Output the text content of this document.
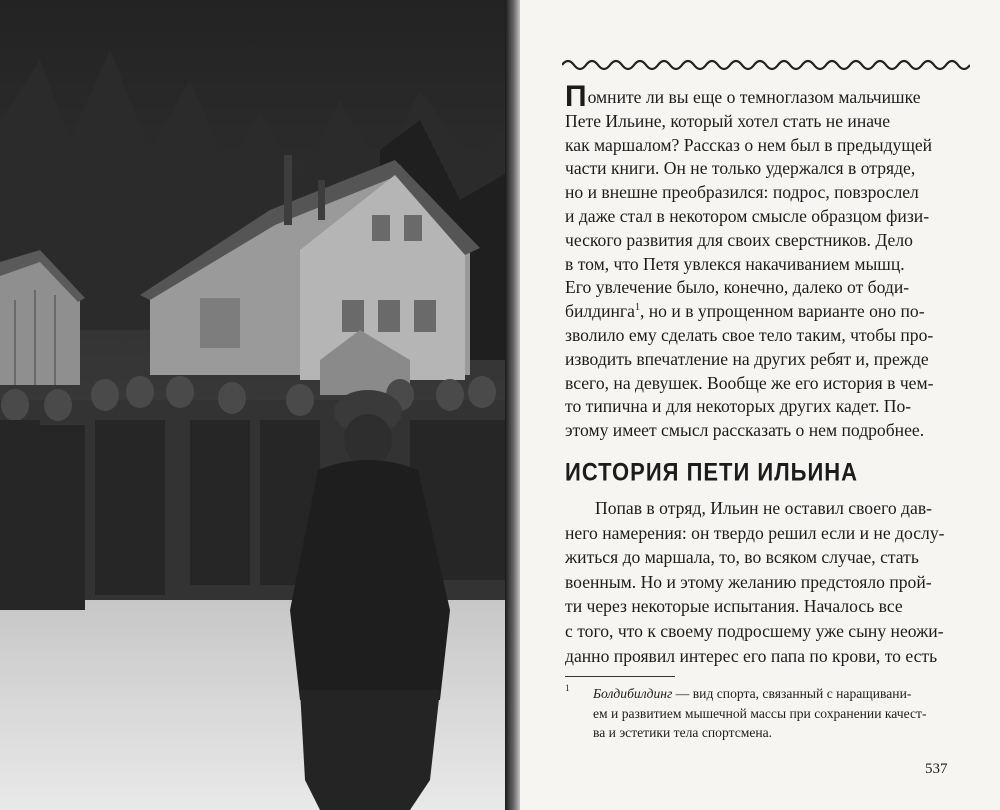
Помните ли вы еще о темноглазом мальчишке
Пете Ильине, который хотел стать не иначе
как маршалом? Рассказ о нем был в предыдущей
части книги. Он не только удержался в отряде,
но и внешне преобразился: подрос, повзрослел
и даже стал в некотором смысле образцом физи-
ческого развития для своих сверстников. Дело
в том, что Петя увлекся накачиванием мышц.
Его увлечение было, конечно, далеко от боди-
билдинга$^1$, но и в упрощенном варианте оно по-
зволило ему сделать свое тело таким, чтобы про-
изводить впечатление на других ребят и, прежде
всего, на девушек. Вообще же его история в чем-
то типична и для некоторых других кадет. По-
этому имеет смысл рассказать о нем подробнее.
ИСТОРИЯ ПЕТИ ИЛЬИНА
Попав в отряд, Ильин не оставил своего дав-
него намерения: он твердо решил если и не дослу-
житься до маршала, то, во всяком случае, стать
военным. Но и этому желанию предстояло прой-
ти через некоторые испытания. Началось все
с того, что к своему подросшему уже сыну неожи-
данно проявил интерес его папа по крови, то есть
1	Болдибилдинг — вид спорта, связанный с наращивани-
ем и развитием мышечной массы при сохранении качест-
ва и эстетики тела спортсмена.
537
